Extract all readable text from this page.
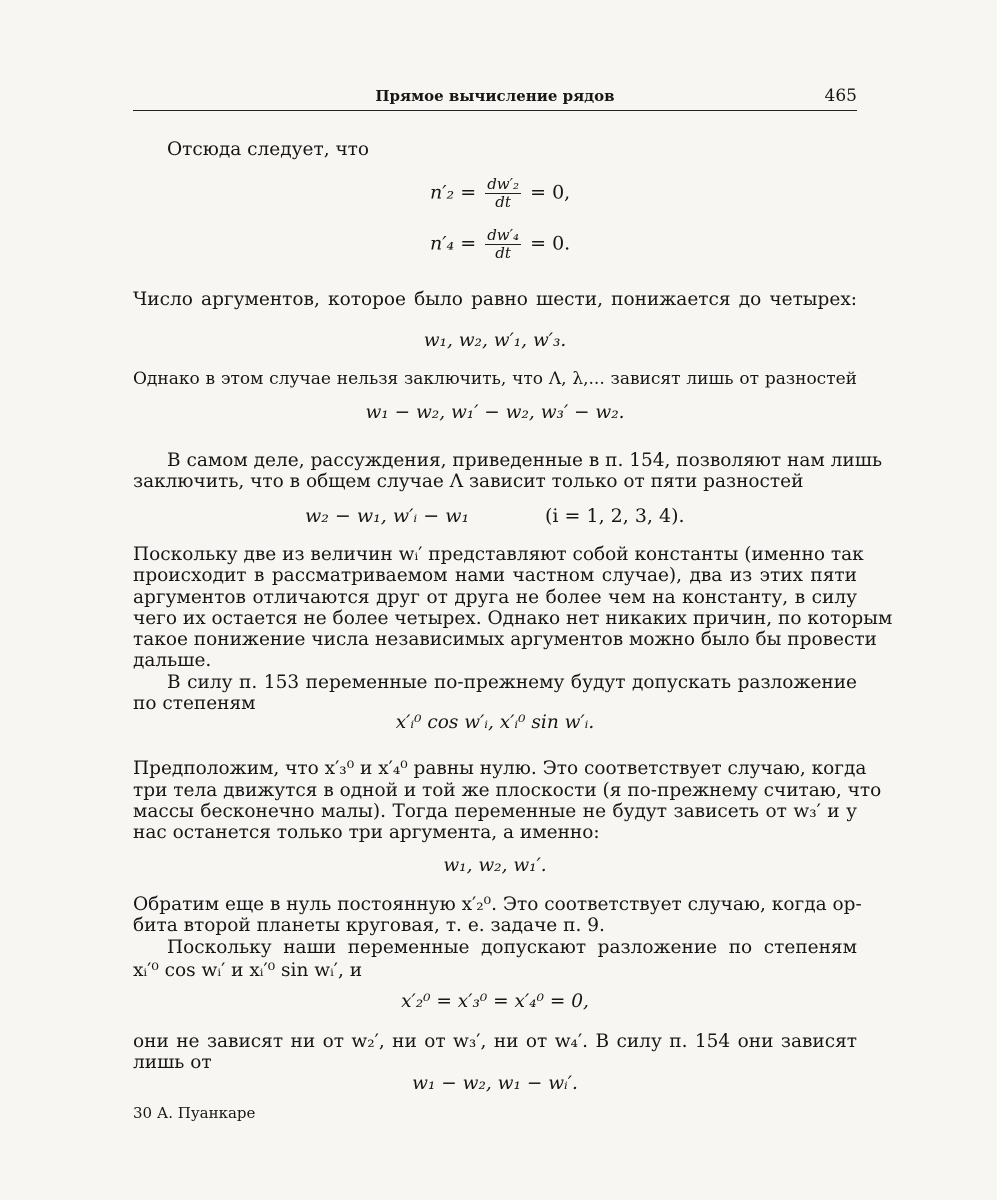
Прямое вычисление рядов	465
Отсюда следует, что
$n'_2 = \frac{\text{dw′₂}}{dt} = 0$,
$n'_4 = \frac{\text{dw′₄}}{dt} = 0$.
Число аргументов, которое было равно шести, понижается до четырех:
w₁, w₂, w′₁, w′₃.
Однако в этом случае нельзя заключить, что Λ, λ,... зависят лишь от разностей
w₁ − w₂, w₁′ − w₂, w₃′ − w₂.
В самом деле, рассуждения, приведенные в п. 154, позволяют нам лишь
заключить, что в общем случае Λ зависит только от пяти разностей
w₂ − w₁, w′ᵢ − w₁	(i = 1, 2, 3, 4).
Поскольку две из величин wᵢ′ представляют собой константы (именно так
происходит в рассматриваемом нами частном случае), два из этих пяти
аргументов отличаются друг от друга не более чем на константу, в силу
чего их остается не более четырех. Однако нет никаких причин, по которым
такое понижение числа независимых аргументов можно было бы провести
дальше.
В силу п. 153 переменные по-прежнему будут допускать разложение
по степеням
x′ᵢ⁰ cos w′ᵢ, x′ᵢ⁰ sin w′ᵢ.
Предположим, что x′₃⁰ и x′₄⁰ равны нулю. Это соответствует случаю, когда
три тела движутся в одной и той же плоскости (я по-прежнему считаю, что
массы бесконечно малы). Тогда переменные не будут зависеть от w₃′ и у
нас останется только три аргумента, а именно:
w₁, w₂, w₁′.
Обратим еще в нуль постоянную x′₂⁰. Это соответствует случаю, когда ор-
бита второй планеты круговая, т. е. задаче п. 9.
Поскольку наши переменные допускают разложение по степеням
xᵢ′⁰ cos wᵢ′ и xᵢ′⁰ sin wᵢ′, и
x′₂⁰ = x′₃⁰ = x′₄⁰ = 0,
они не зависят ни от w₂′, ни от w₃′, ни от w₄′. В силу п. 154 они зависят
лишь от
w₁ − w₂, w₁ − wᵢ′.
30 А. Пуанкаре
